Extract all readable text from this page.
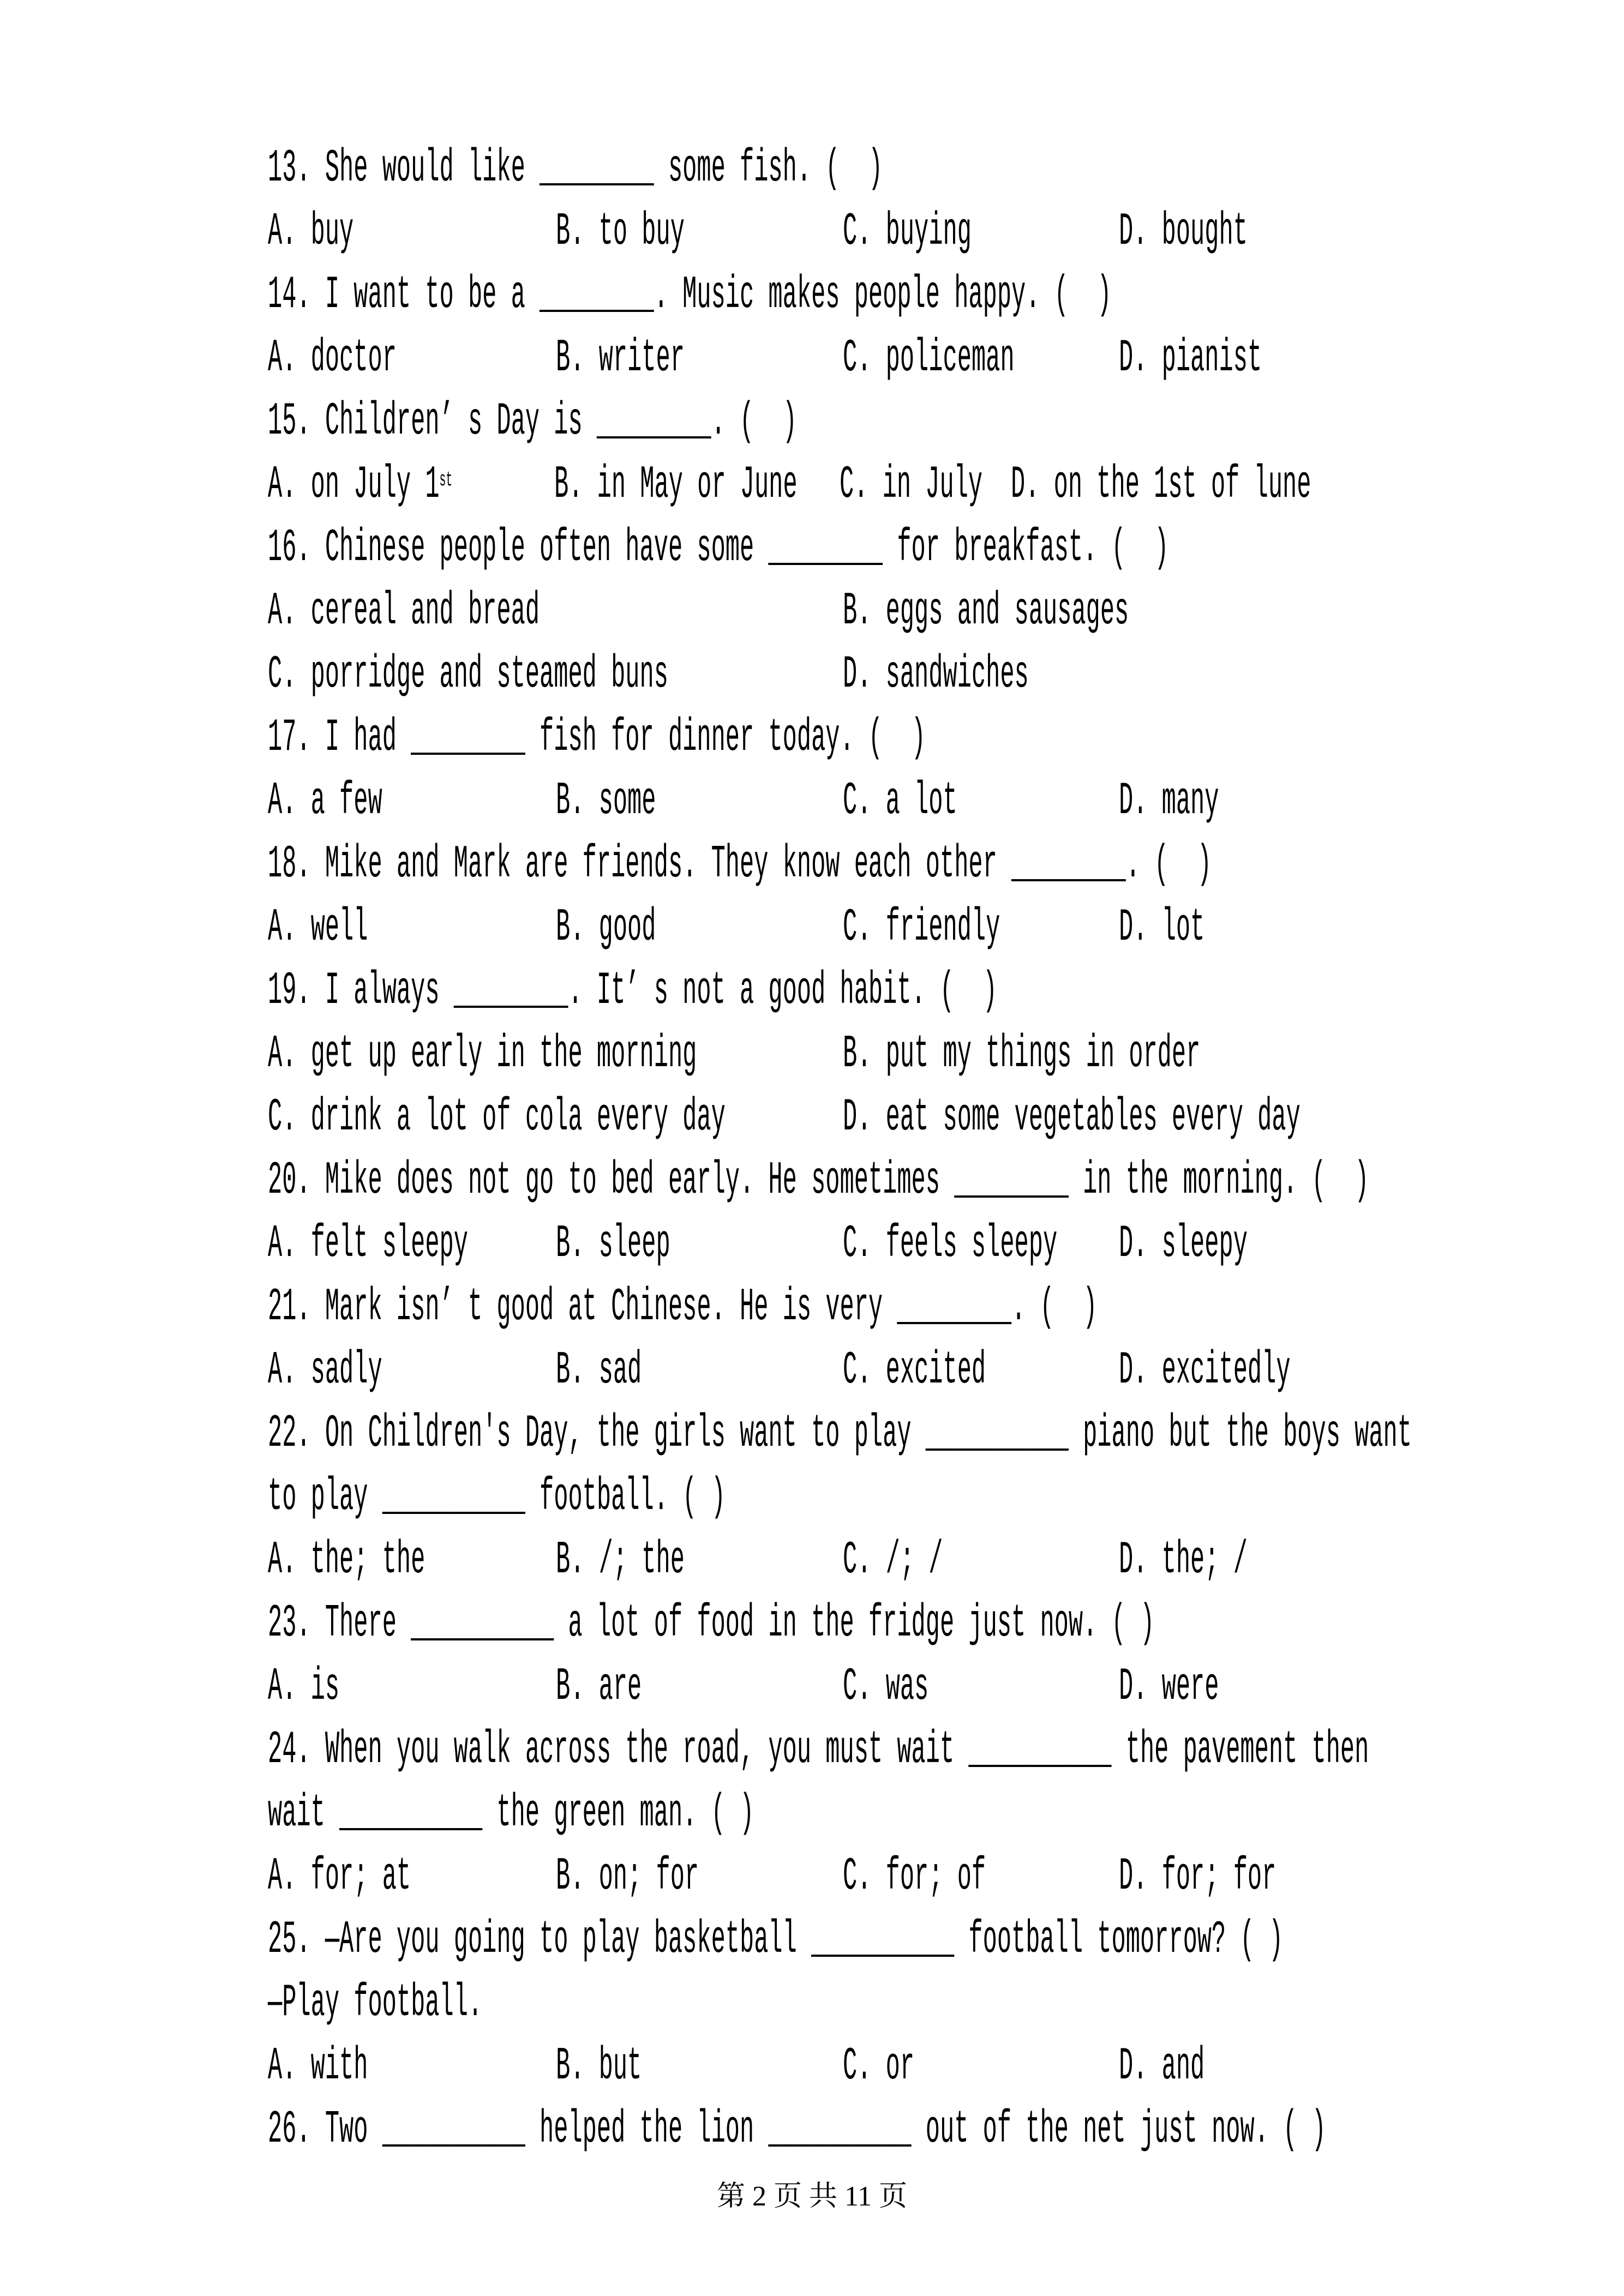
13. She would like ________ some fish. (  )
A. buy	B. to buy	C. buying	D. bought
14. I want to be a ________. Music makes people happy. (  )
A. doctor	B. writer	C. policeman D. pianist
15. Children’ s Day is ________. (  )
A. on July 1st B. in May or June C. in July D. on the 1st of lune
16. Chinese people often have some ________ for breakfast. (  )
A. cereal and bread	B. eggs and sausages
C. porridge and steamed buns	D. sandwiches
17. I had ________ fish for dinner today. (  )
A. a few	B. some	C. a lot	D. many
18. Mike and Mark are friends. They know each other ________. (  )
A. well	B. good	C. friendly	D. lot
19. I always ________. It’ s not a good habit. (  )
A. get up early in the morning	B. put my things in order
C. drink a lot of cola every day	D. eat some vegetables every day
20. Mike does not go to bed early. He sometimes ________ in the morning. (  )
A. felt sleepy B. sleep	C. feels sleepy D. sleepy
21. Mark isn’ t good at Chinese. He is very ________. (  )
A. sadly	B. sad	C. excited	D. excitedly
22. On Children's Day, the girls want to play __________ piano but the boys want
to play __________ football. ( )
A. the; the	B. /; the	C. /; /	D. the; /
23. There __________ a lot of food in the fridge just now. ( )
A. is	B. are	C. was	D. were
24. When you walk across the road, you must wait __________ the pavement then
wait __________ the green man. ( )
A. for; at	B. on; for	C. for; of	D. for; for
25. —Are you going to play basketball __________ football tomorrow? ( )
—Play football.
A. with	B. but	C. or	D. and
26. Two __________ helped the lion __________ out of the net just now. ( )
第 2 页 共 11 页
